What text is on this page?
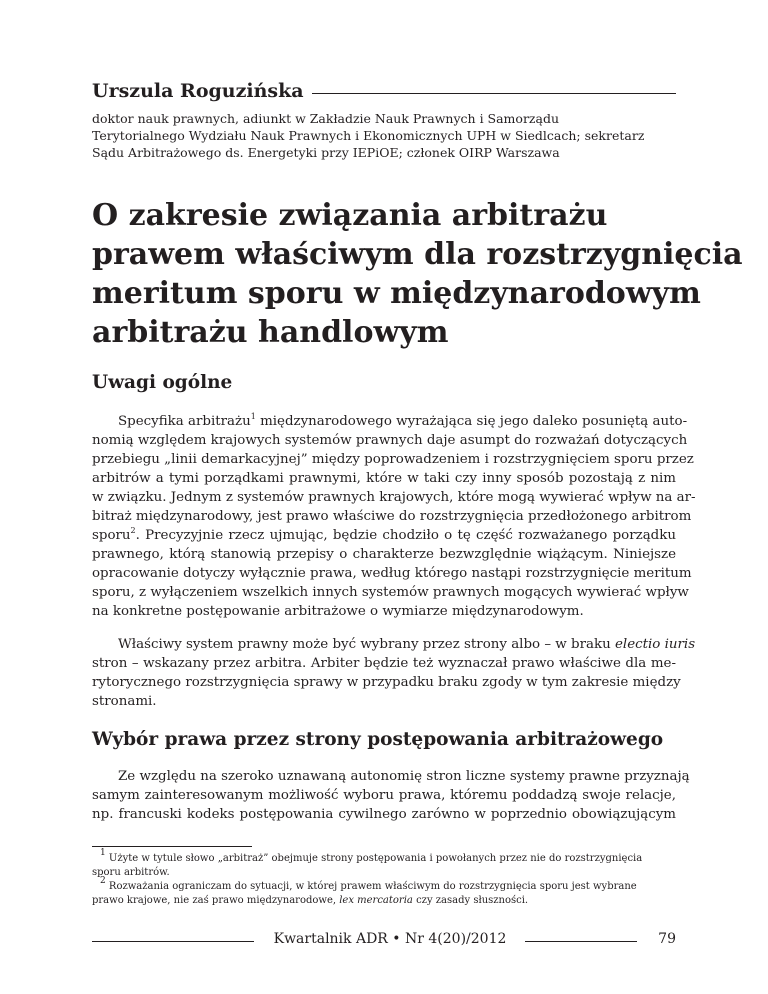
Urszula Roguzińska
doktor nauk prawnych, adiunkt w Zakładzie Nauk Prawnych i Samorządu
Terytorialnego Wydziału Nauk Prawnych i Ekonomicznych UPH w Siedlcach; sekretarz
Sądu Arbitrażowego ds. Energetyki przy IEPiOE; członek OIRP Warszawa
O zakresie związania arbitrażu
prawem właściwym dla rozstrzygnięcia
meritum sporu w międzynarodowym
arbitrażu handlowym
Uwagi ogólne
Specyfika arbitrażu$^1$ międzynarodowego wyrażająca się jego daleko posuniętą auto-
nomią względem krajowych systemów prawnych daje asumpt do rozważań dotyczących
przebiegu „linii demarkacyjnej” między poprowadzeniem i rozstrzygnięciem sporu przez
arbitrów a tymi porządkami prawnymi, które w taki czy inny sposób pozostają z nim
w związku. Jednym z systemów prawnych krajowych, które mogą wywierać wpływ na ar-
bitraż międzynarodowy, jest prawo właściwe do rozstrzygnięcia przedłożonego arbitrom
sporu$^2$. Precyzyjnie rzecz ujmując, będzie chodziło o tę część rozważanego porządku
prawnego, którą stanowią przepisy o charakterze bezwzględnie wiążącym. Niniejsze
opracowanie dotyczy wyłącznie prawa, według którego nastąpi rozstrzygnięcie meritum
sporu, z wyłączeniem wszelkich innych systemów prawnych mogących wywierać wpływ
na konkretne postępowanie arbitrażowe o wymiarze międzynarodowym.
Właściwy system prawny może być wybrany przez strony albo – w braku electio iuris
stron – wskazany przez arbitra. Arbiter będzie też wyznaczał prawo właściwe dla me-
rytorycznego rozstrzygnięcia sprawy w przypadku braku zgody w tym zakresie między
stronami.
Wybór prawa przez strony postępowania arbitrażowego
Ze względu na szeroko uznawaną autonomię stron liczne systemy prawne przyznają
samym zainteresowanym możliwość wyboru prawa, któremu poddadzą swoje relacje,
np. francuski kodeks postępowania cywilnego zarówno w poprzednio obowiązującym
$^1$ Użyte w tytule słowo „arbitraż” obejmuje strony postępowania i powołanych przez nie do rozstrzygnięcia
sporu arbitrów.
$^2$ Rozważania ograniczam do sytuacji, w której prawem właściwym do rozstrzygnięcia sporu jest wybrane
prawo krajowe, nie zaś prawo międzynarodowe, lex mercatoria czy zasady słuszności.
Kwartalnik ADR • Nr 4(20)/2012	79
